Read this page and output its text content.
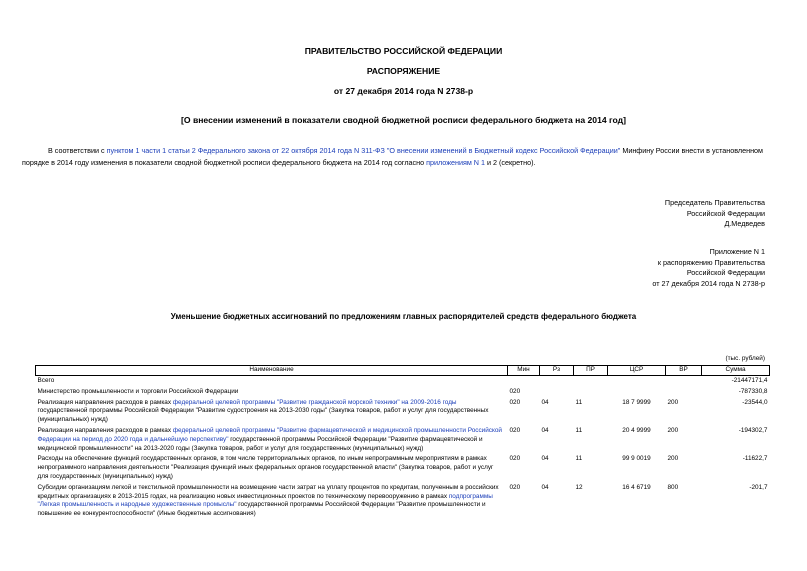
ПРАВИТЕЛЬСТВО РОССИЙСКОЙ ФЕДЕРАЦИИ
РАСПОРЯЖЕНИЕ
от 27 декабря 2014 года N 2738-р
[О внесении изменений в показатели сводной бюджетной росписи федерального бюджета на 2014 год]
В соответствии с пунктом 1 части 1 статьи 2 Федерального закона от 22 октября 2014 года N 311-ФЗ "О внесении изменений в Бюджетный кодекс Российской Федерации" Минфину России внести в установленном порядке в 2014 году изменения в показатели сводной бюджетной росписи федерального бюджета на 2014 год согласно приложениям N 1 и 2 (секретно).
Председатель Правительства
Российской Федерации
Д.Медведев
Приложение N 1
к распоряжению Правительства
Российской Федерации
от 27 декабря 2014 года N 2738-р
Уменьшение бюджетных ассигнований по предложениям главных распорядителей средств федерального бюджета
(тыс. рублей)
Наименование	Мин	Рз	ПР	ЦСР	ВР	Сумма
Всего						-21447171,4
Министерство промышленности и торговли Российской Федерации	020					-787330,8
Реализация направления расходов в рамках федеральной целевой программы "Развитие гражданской морской техники" на 2009-2016 годы государственной программы Российской Федерации "Развитие судостроения на 2013-2030 годы" (Закупка товаров, работ и услуг для государственных (муниципальных) нужд)	020	04	11	18 7 9999	200	-23544,0
Реализация направления расходов в рамках федеральной целевой программы "Развитие фармацевтической и медицинской промышленности Российской Федерации на период до 2020 года и дальнейшую перспективу" государственной программы Российской Федерации "Развитие фармацевтической и медицинской промышленности" на 2013-2020 годы (Закупка товаров, работ и услуг для государственных (муниципальных) нужд)	020	04	11	20 4 9999	200	-194302,7
Расходы на обеспечение функций государственных органов, в том числе территориальных органов, по иным непрограммным мероприятиям в рамках непрограммного направления деятельности "Реализация функций иных федеральных органов государственной власти" (Закупка товаров, работ и услуг для государственных (муниципальных) нужд)	020	04	11	99 9 0019	200	-11622,7
Субсидии организациям легкой и текстильной промышленности на возмещение части затрат на уплату процентов по кредитам, полученным в российских кредитных организациях в 2013-2015 годах, на реализацию новых инвестиционных проектов по техническому перевооружению в рамках подпрограммы "Легкая промышленность и народные художественные промыслы" государственной программы Российской Федерации "Развитие промышленности и повышение ее конкурентоспособности" (Иные бюджетные ассигнования)	020	04	12	16 4 6719	800	-201,7
